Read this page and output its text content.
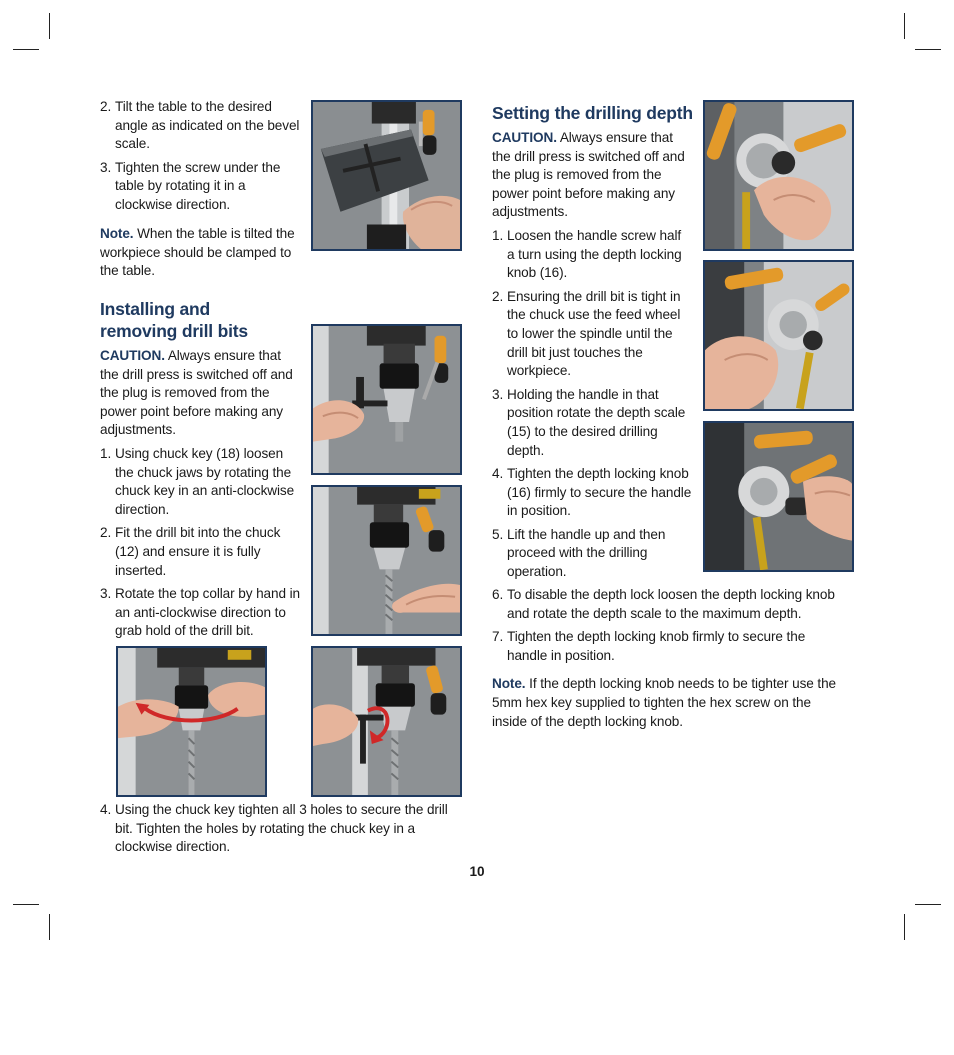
2. Tilt the table to the desired angle as indicated on the bevel scale.
3. Tighten the screw under the table by rotating it in a clockwise direction.

Note. When the table is tilted the workpiece should be clamped to the table.

Installing and removing drill bits

CAUTION. Always ensure that the drill press is switched off and the plug is removed from the power point before making any adjustments.

1. Using chuck key (18) loosen the chuck jaws by rotating the chuck key in an anti-clockwise direction.
2. Fit the drill bit into the chuck (12) and ensure it is fully inserted.
3. Rotate the top collar by hand in an anti-clockwise direction to grab hold of the drill bit.
4. Using the chuck key tighten all 3 holes to secure the drill bit. Tighten the holes by rotating the chuck key in a clockwise direction.
Setting the drilling depth

CAUTION. Always ensure that the drill press is switched off and the plug is removed from the power point before making any adjustments.

1. Loosen the handle screw half a turn using the depth locking knob (16).
2. Ensuring the drill bit is tight in the chuck use the feed wheel to lower the spindle until the drill bit just touches the workpiece.
3. Holding the handle in that position rotate the depth scale (15) to the desired drilling depth.
4. Tighten the depth locking knob (16) firmly to secure the handle in position.
5. Lift the handle up and then proceed with the drilling operation.
6. To disable the depth lock loosen the depth locking knob and rotate the depth scale to the maximum depth.
7. Tighten the depth locking knob firmly to secure the handle in position.

Note. If the depth locking knob needs to be tighter use the 5mm hex key supplied to tighten the hex screw on the inside of the depth locking knob.

10
